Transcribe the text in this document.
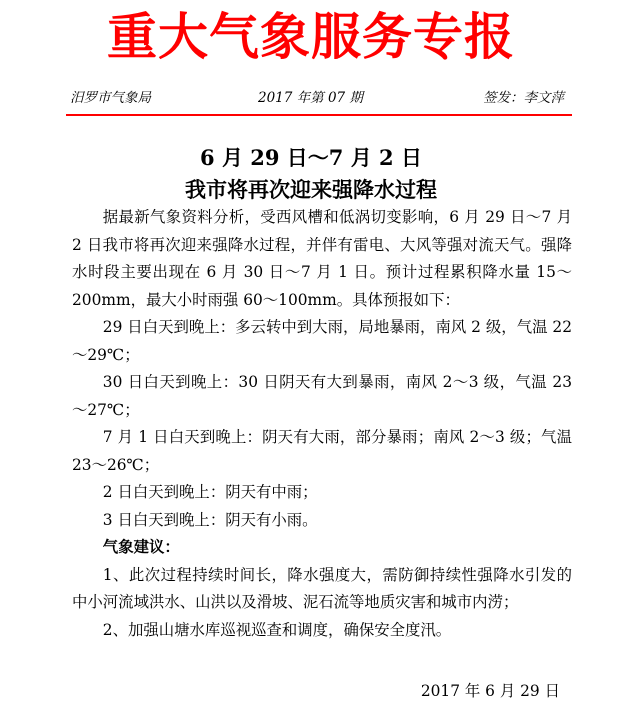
重大气象服务专报
汨罗市气象局	2017 年第 07 期	签发：李文萍
6 月 29 日～7 月 2 日
我市将再次迎来强降水过程

据最新气象资料分析，受西风槽和低涡切变影响，6 月 29 日～7 月 2 日我市将再次迎来强降水过程，并伴有雷电、大风等强对流天气。强降水时段主要出现在 6 月 30 日～7 月 1 日。预计过程累积降水量 15～200mm，最大小时雨强 60～100mm。具体预报如下：

29 日白天到晚上：多云转中到大雨，局地暴雨，南风 2 级，气温 22～29℃；

30 日白天到晚上：30 日阴天有大到暴雨，南风 2～3 级，气温 23～27℃；

7 月 1 日白天到晚上：阴天有大雨，部分暴雨；南风 2～3 级；气温 23～26℃；

2 日白天到晚上：阴天有中雨；

3 日白天到晚上：阴天有小雨。

气象建议：

1、此次过程持续时间长，降水强度大，需防御持续性强降水引发的中小河流域洪水、山洪以及滑坡、泥石流等地质灾害和城市内涝；

2、加强山塘水库巡视巡查和调度，确保安全度汛。

2017 年 6 月 29 日
